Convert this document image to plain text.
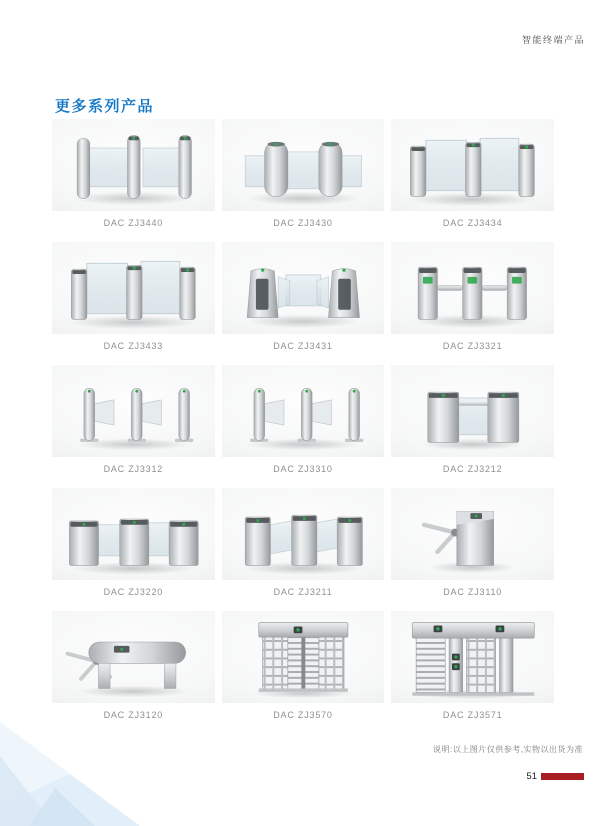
智能终端产品
更多系列产品
DAC ZJ3440	DAC ZJ3430	DAC ZJ3434
DAC ZJ3433	DAC ZJ3431	DAC ZJ3321
DAC ZJ3312	DAC ZJ3310	DAC ZJ3212
DAC ZJ3220	DAC ZJ3211	DAC ZJ3110
DAC ZJ3120	DAC ZJ3570	DAC ZJ3571
说明:以上图片仅供参考,实物以出货为准
51
